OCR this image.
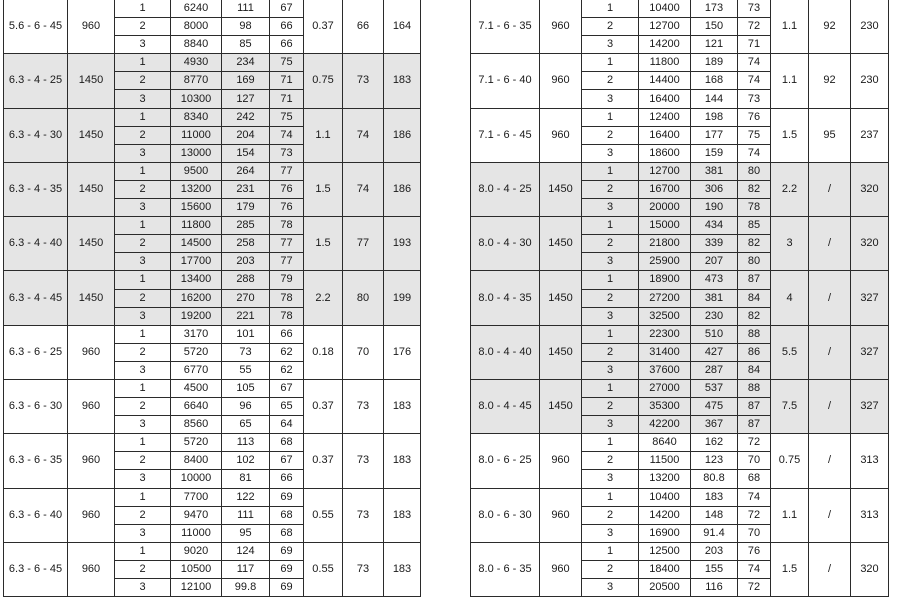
5.6 - 6 - 45	960	1	6240	111	67	0.37	66	164
		2	8000	98	66			
		3	8840	85	66			
6.3 - 4 - 25	1450	1	4930	234	75	0.75	73	183
		2	8770	169	71			
		3	10300	127	71			
6.3 - 4 - 30	1450	1	8340	242	75	1.1	74	186
		2	11000	204	74			
		3	13000	154	73			
6.3 - 4 - 35	1450	1	9500	264	77	1.5	74	186
		2	13200	231	76			
		3	15600	179	76			
6.3 - 4 - 40	1450	1	11800	285	78	1.5	77	193
		2	14500	258	77			
		3	17700	203	77			
6.3 - 4 - 45	1450	1	13400	288	79	2.2	80	199
		2	16200	270	78			
		3	19200	221	78			
6.3 - 6 - 25	960	1	3170	101	66	0.18	70	176
		2	5720	73	62			
		3	6770	55	62			
6.3 - 6 - 30	960	1	4500	105	67	0.37	73	183
		2	6640	96	65			
		3	8560	65	64			
6.3 - 6 - 35	960	1	5720	113	68	0.37	73	183
		2	8400	102	67			
		3	10000	81	66			
6.3 - 6 - 40	960	1	7700	122	69	0.55	73	183
		2	9470	111	68			
		3	11000	95	68			
6.3 - 6 - 45	960	1	9020	124	69	0.55	73	183
		2	10500	117	69			
		3	12100	99.8	69			
7.1 - 6 - 35	960	1	10400	173	73	1.1	92	230
		2	12700	150	72			
		3	14200	121	71			
7.1 - 6 - 40	960	1	11800	189	74	1.1	92	230
		2	14400	168	74			
		3	16400	144	73			
7.1 - 6 - 45	960	1	12400	198	76	1.5	95	237
		2	16400	177	75			
		3	18600	159	74			
8.0 - 4 - 25	1450	1	12700	381	80	2.2	/	320
		2	16700	306	82			
		3	20000	190	78			
8.0 - 4 - 30	1450	1	15000	434	85	3	/	320
		2	21800	339	82			
		3	25900	207	80			
8.0 - 4 - 35	1450	1	18900	473	87	4	/	327
		2	27200	381	84			
		3	32500	230	82			
8.0 - 4 - 40	1450	1	22300	510	88	5.5	/	327
		2	31400	427	86			
		3	37600	287	84			
8.0 - 4 - 45	1450	1	27000	537	88	7.5	/	327
		2	35300	475	87			
		3	42200	367	87			
8.0 - 6 - 25	960	1	8640	162	72	0.75	/	313
		2	11500	123	70			
		3	13200	80.8	68			
8.0 - 6 - 30	960	1	10400	183	74	1.1	/	313
		2	14200	148	72			
		3	16900	91.4	70			
8.0 - 6 - 35	960	1	12500	203	76	1.5	/	320
		2	18400	155	74			
		3	20500	116	72			
